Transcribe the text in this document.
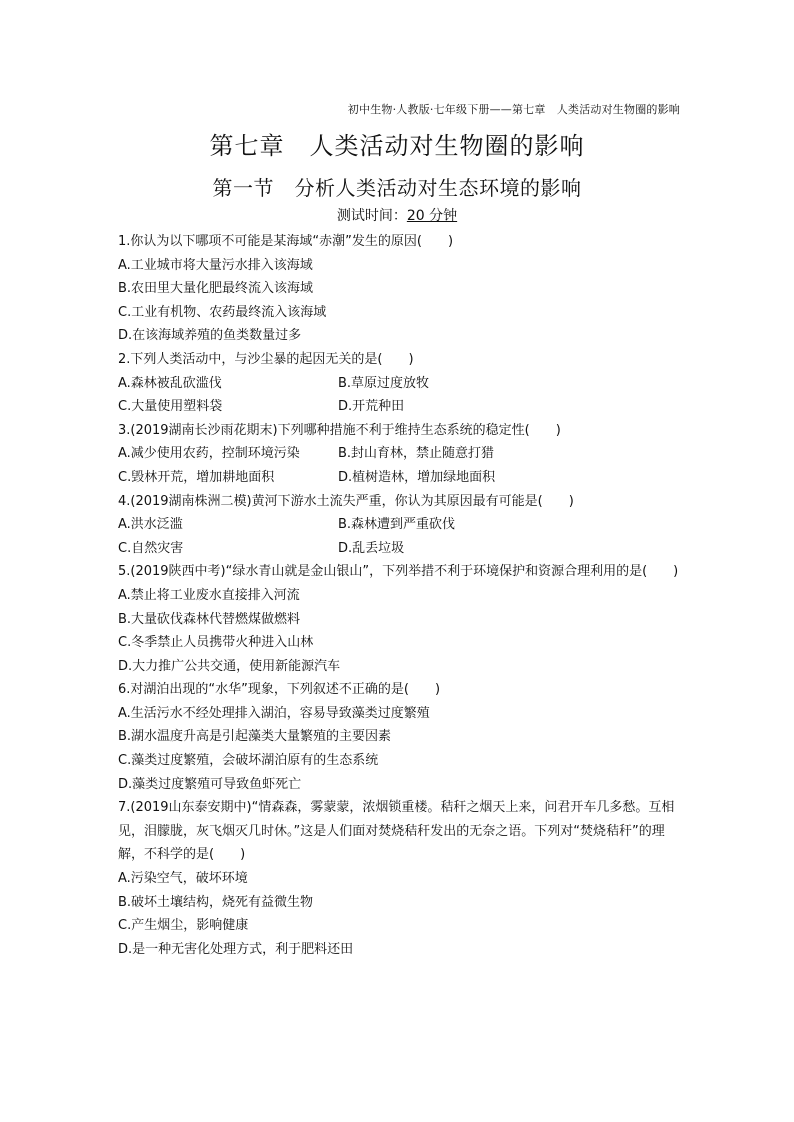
初中生物·人教版·七年级下册——第七章　人类活动对生物圈的影响
第七章　人类活动对生物圈的影响
第一节　分析人类活动对生态环境的影响
测试时间：20 分钟

1.你认为以下哪项不可能是某海域“赤潮”发生的原因(　　)

A.工业城市将大量污水排入该海域

B.农田里大量化肥最终流入该海域

C.工业有机物、农药最终流入该海域

D.在该海域养殖的鱼类数量过多

2.下列人类活动中，与沙尘暴的起因无关的是(　　)

A.森林被乱砍滥伐	B.草原过度放牧

C.大量使用塑料袋	D.开荒种田

3.(2019湖南长沙雨花期末)下列哪种措施不利于维持生态系统的稳定性(　　)

A.减少使用农药，控制环境污染	B.封山育林，禁止随意打猎

C.毁林开荒，增加耕地面积	D.植树造林，增加绿地面积

4.(2019湖南株洲二模)黄河下游水土流失严重，你认为其原因最有可能是(　　)

A.洪水泛滥	B.森林遭到严重砍伐

C.自然灾害	D.乱丢垃圾

5.(2019陕西中考)“绿水青山就是金山银山”，下列举措不利于环境保护和资源合理利用的是(　　)

A.禁止将工业废水直接排入河流

B.大量砍伐森林代替燃煤做燃料

C.冬季禁止人员携带火种进入山林

D.大力推广公共交通，使用新能源汽车

6.对湖泊出现的“水华”现象，下列叙述不正确的是(　　)

A.生活污水不经处理排入湖泊，容易导致藻类过度繁殖

B.湖水温度升高是引起藻类大量繁殖的主要因素

C.藻类过度繁殖，会破坏湖泊原有的生态系统

D.藻类过度繁殖可导致鱼虾死亡

7.(2019山东泰安期中)“情森森，雾蒙蒙，浓烟锁重楼。秸秆之烟天上来，问君开车几多愁。互相见，泪朦胧，灰飞烟灭几时休。”这是人们面对焚烧秸秆发出的无奈之语。下列对“焚烧秸秆”的理解，不科学的是(　　)

A.污染空气，破坏环境

B.破坏土壤结构，烧死有益微生物

C.产生烟尘，影响健康

D.是一种无害化处理方式，利于肥料还田
